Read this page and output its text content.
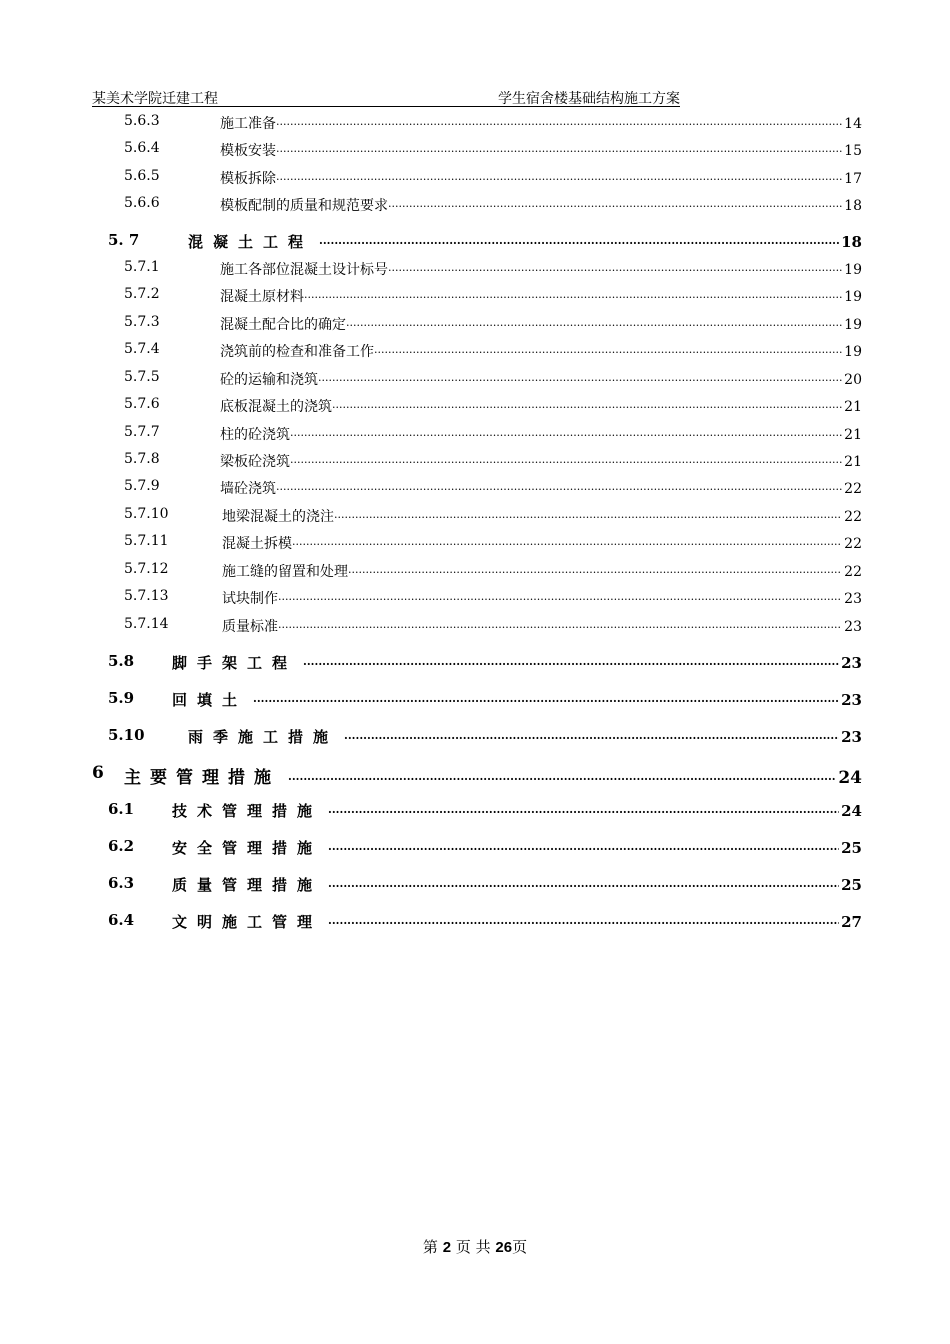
某美术学院迁建工程	学生宿舍楼基础结构施工方案
5.6.3	施工准备 .....	14
5.6.4	模板安装 .....	15
5.6.5	模板拆除 .....	17
5.6.6	模板配制的质量和规范要求 .....	18
5. 7	混凝土工程 .....	18
5.7.1	施工各部位混凝土设计标号 .....	19
5.7.2	混凝土原材料 .....	19
5.7.3	混凝土配合比的确定 .....	19
5.7.4	浇筑前的检查和准备工作 .....	19
5.7.5	砼的运输和浇筑 .....	20
5.7.6	底板混凝土的浇筑 .....	21
5.7.7	柱的砼浇筑 .....	21
5.7.8	梁板砼浇筑 .....	21
5.7.9	墙砼浇筑 .....	22
5.7.10	地梁混凝土的浇注 .....	22
5.7.11	混凝土拆模 .....	22
5.7.12	施工缝的留置和处理 .....	22
5.7.13	试块制作 .....	23
5.7.14	质量标准 .....	23
5.8	脚手架工程 .....	23
5.9	回填土 .....	23
5.10	雨季施工措施 .....	23
6 主要管理措施 .....	24
6.1	技术管理措施 .....	24
6.2	安全管理措施 .....	25
6.3	质量管理措施 .....	25
6.4	文明施工管理 .....	27
第 2 页 共 26页
